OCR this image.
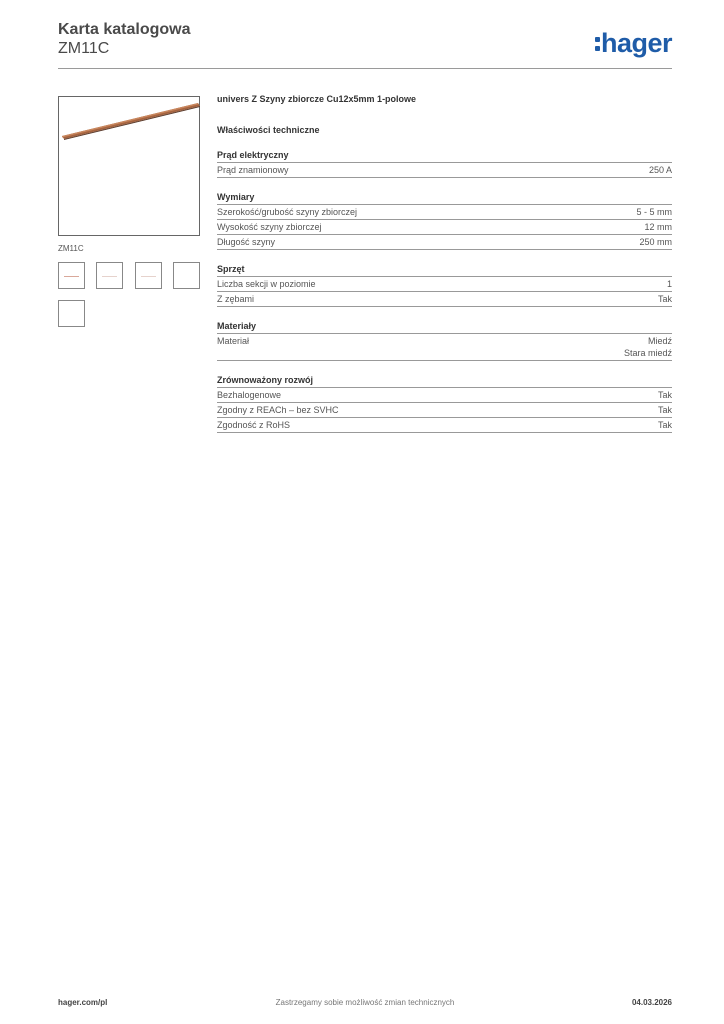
Karta katalogowa
ZM11C	hager
ZM11C
univers Z Szyny zbiorcze Cu12x5mm 1-polowe
Właściwości techniczne
Prąd elektryczny
Prąd znamionowy	250 A
Wymiary
Szerokość/grubość szyny zbiorczej	5 - 5 mm
Wysokość szyny zbiorczej	12 mm
Długość szyny	250 mm
Sprzęt
Liczba sekcji w poziomie	1
Z zębami	Tak
Materiały
Materiał	Miedź
Stara miedź
Zrównoważony rozwój
Bezhalogenowe	Tak
Zgodny z REACh – bez SVHC	Tak
Zgodność z RoHS	Tak
hager.com/pl	Zastrzegamy sobie możliwość zmian technicznych	04.03.2026
